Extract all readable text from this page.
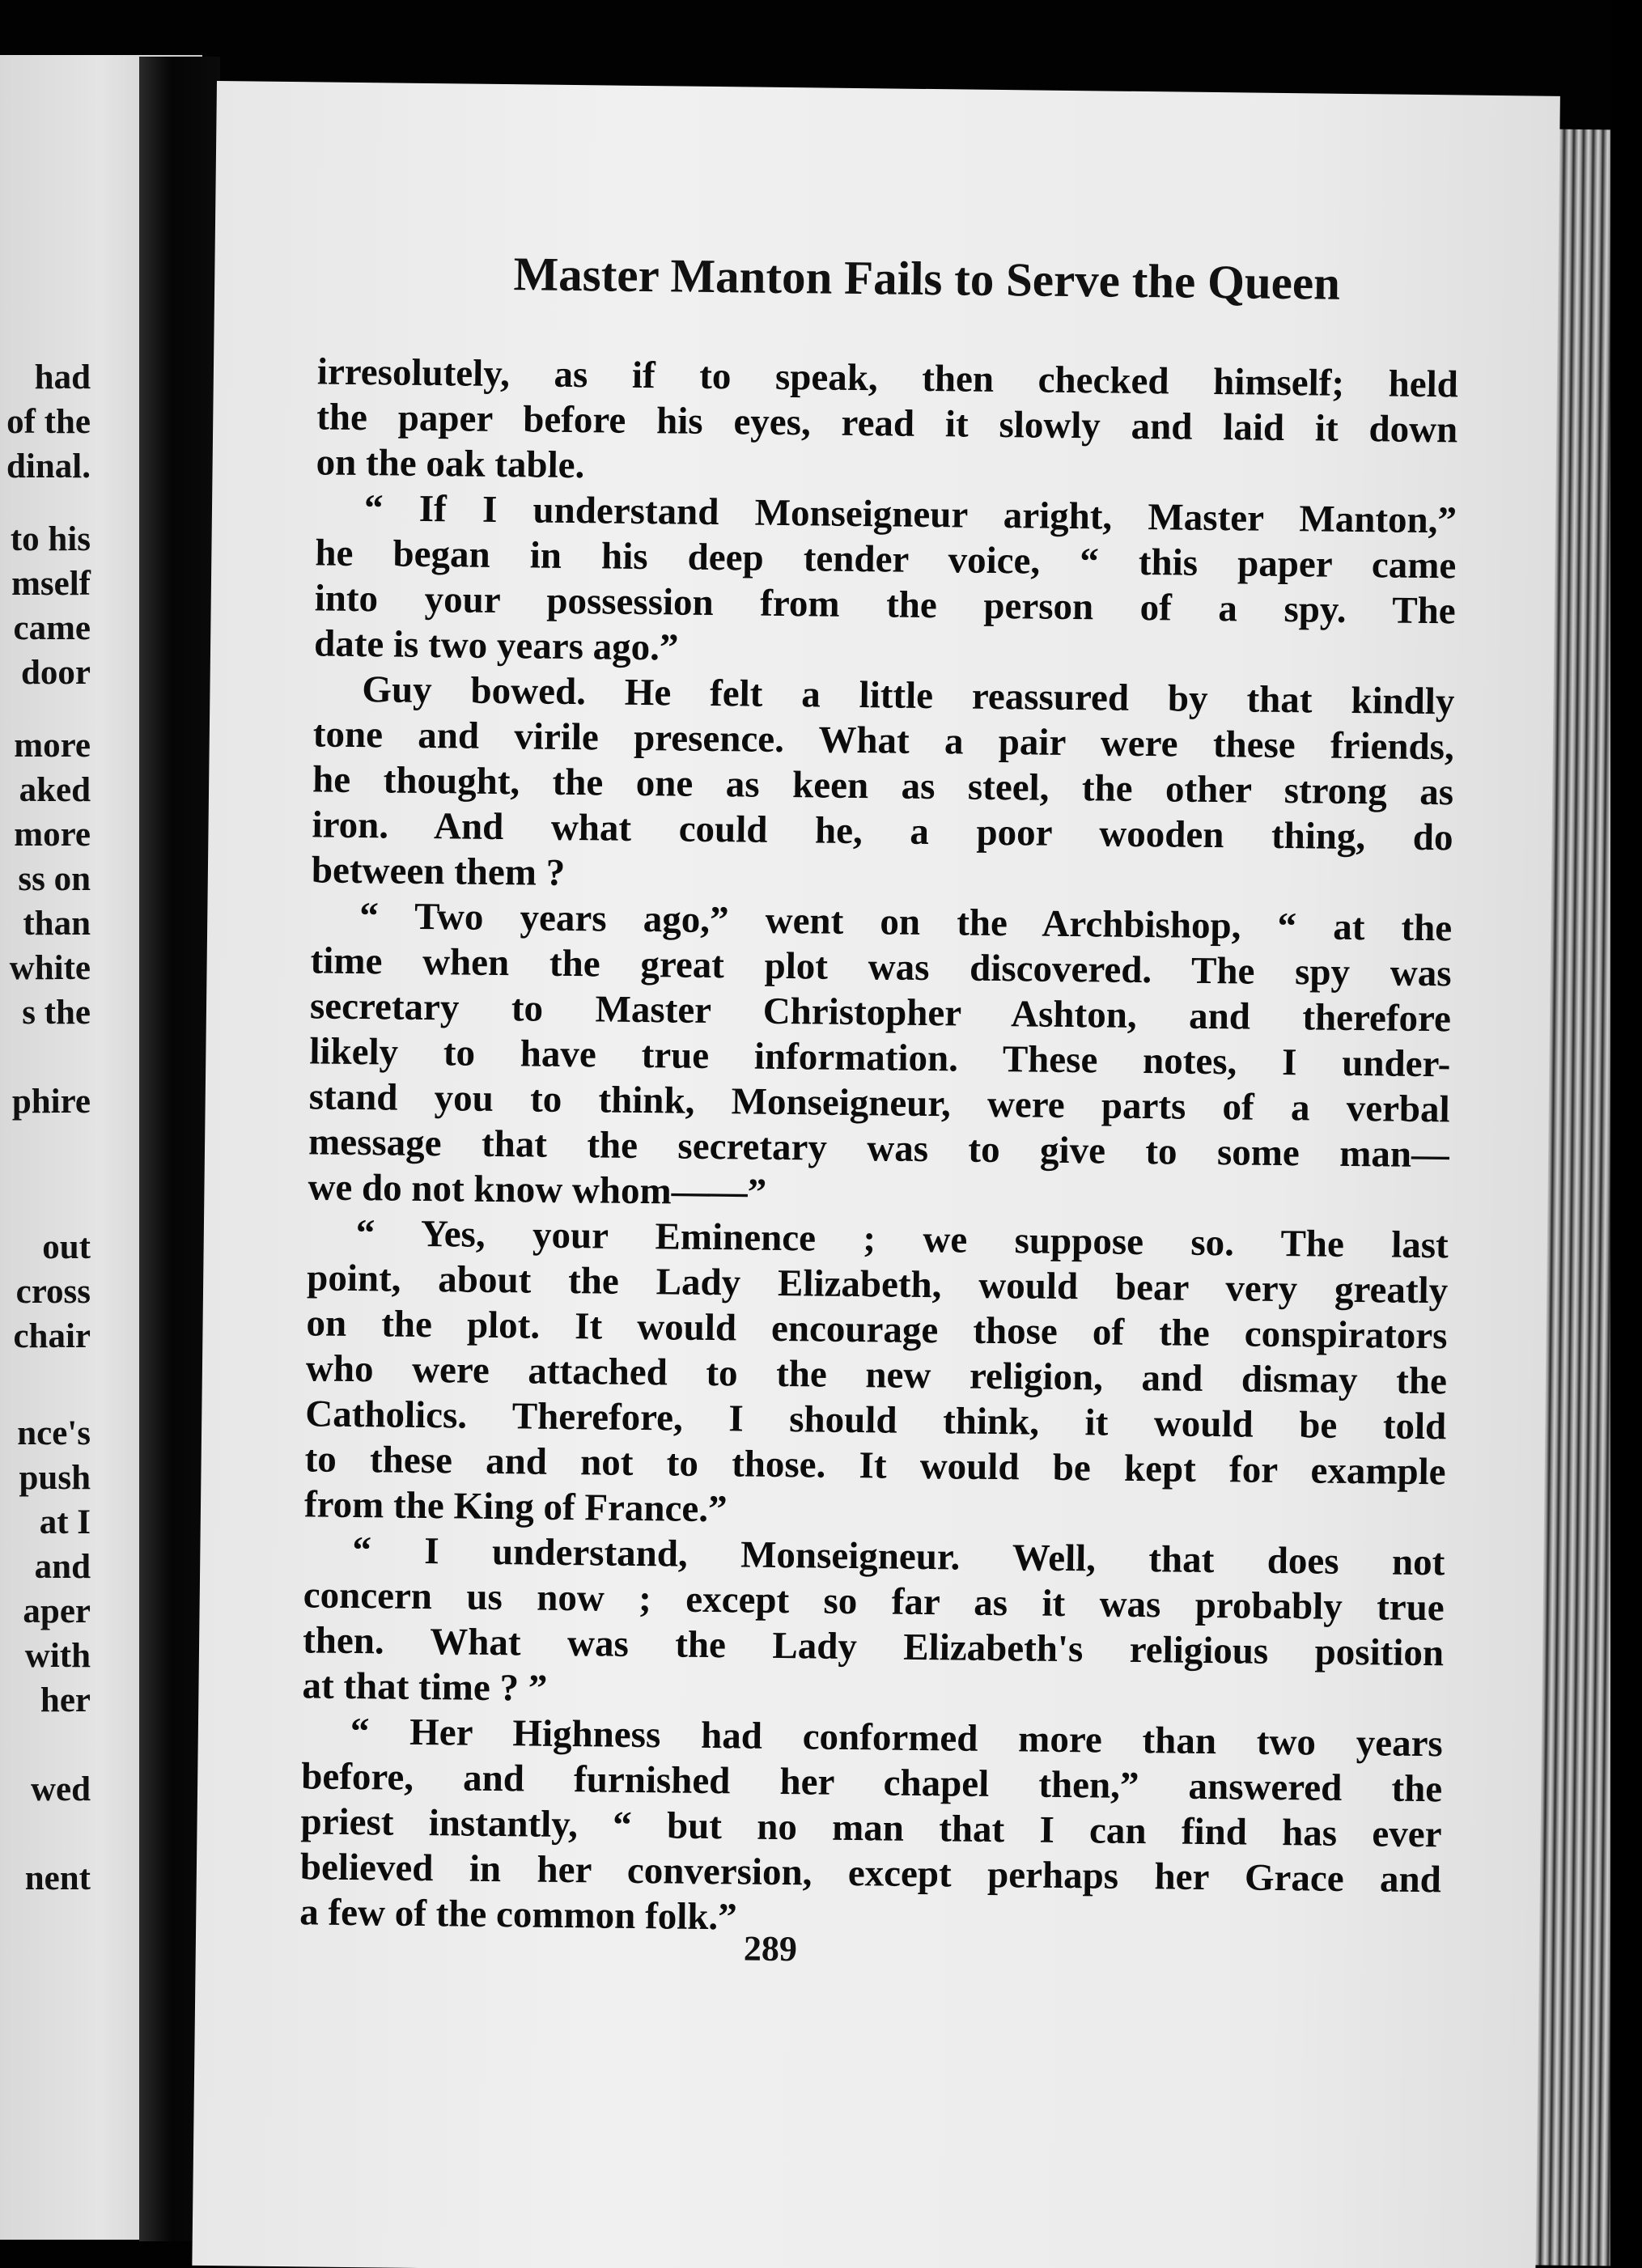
had
of the
dinal.
to his
mself
came
door
more
aked
more
ss on
than
white
s the
phire
out
cross
chair
nce's
push
at I
and
aper
with
her
wed
nent
Master Manton Fails to Serve the Queen
irresolutely, as if to speak, then checked himself; held
the paper before his eyes, read it slowly and laid it down
on the oak table.
“ If I understand Monseigneur aright, Master Manton,”
he began in his deep tender voice, “ this paper came
into your possession from the person of a spy. The
date is two years ago.”
Guy bowed. He felt a little reassured by that kindly
tone and virile presence. What a pair were these friends,
he thought, the one as keen as steel, the other strong as
iron. And what could he, a poor wooden thing, do
between them ?
“ Two years ago,” went on the Archbishop, “ at the
time when the great plot was discovered. The spy was
secretary to Master Christopher Ashton, and therefore
likely to have true information. These notes, I under-
stand you to think, Monseigneur, were parts of a verbal
message that the secretary was to give to some man—
we do not know whom——”
“ Yes, your Eminence ; we suppose so. The last
point, about the Lady Elizabeth, would bear very greatly
on the plot. It would encourage those of the conspirators
who were attached to the new religion, and dismay the
Catholics. Therefore, I should think, it would be told
to these and not to those. It would be kept for example
from the King of France.”
“ I understand, Monseigneur. Well, that does not
concern us now ; except so far as it was probably true
then. What was the Lady Elizabeth's religious position
at that time ? ”
“ Her Highness had conformed more than two years
before, and furnished her chapel then,” answered the
priest instantly, “ but no man that I can find has ever
believed in her conversion, except perhaps her Grace and
a few of the common folk.”
289
